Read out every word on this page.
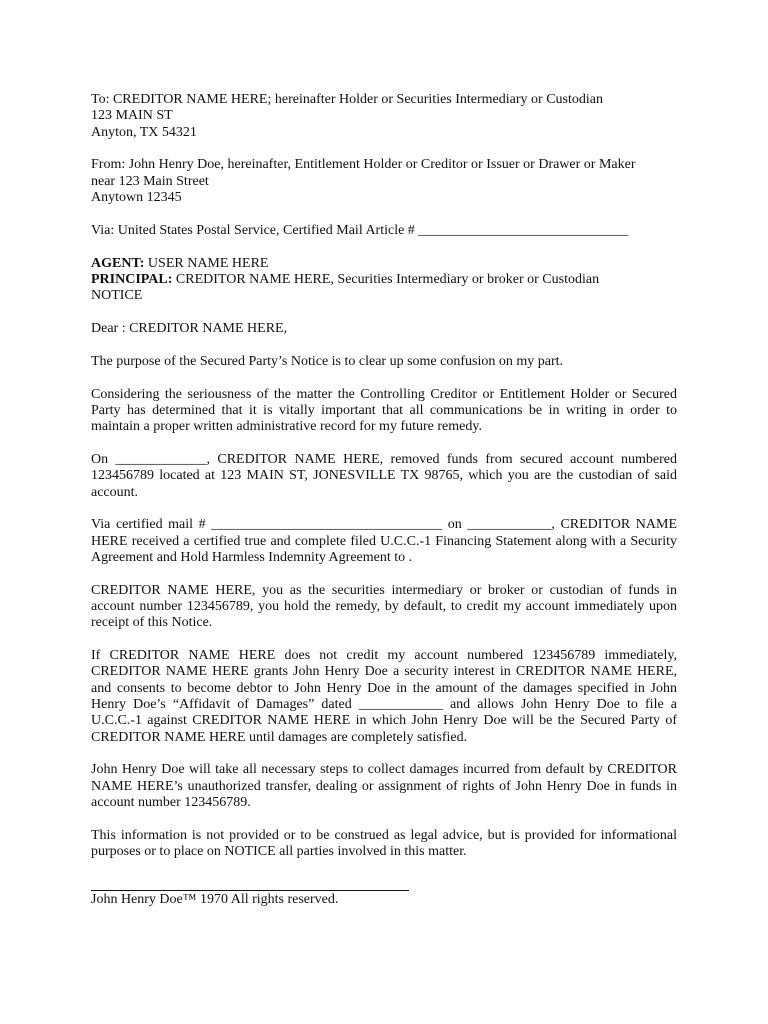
To: CREDITOR NAME HERE; hereinafter Holder or Securities Intermediary or Custodian
123 MAIN ST
Anyton, TX 54321
From: John Henry Doe, hereinafter, Entitlement Holder or Creditor or Issuer or Drawer or Maker
near 123 Main Street
Anytown 12345
Via: United States Postal Service, Certified Mail Article # ______________________________
AGENT: USER NAME HERE
PRINCIPAL: CREDITOR NAME HERE, Securities Intermediary or broker or Custodian
NOTICE
Dear : CREDITOR NAME HERE,
The purpose of the Secured Party’s Notice is to clear up some confusion on my part.
Considering the seriousness of the matter the Controlling Creditor or Entitlement Holder or Secured Party has determined that it is vitally important that all communications be in writing in order to maintain a proper written administrative record for my future remedy.
On _____________, CREDITOR NAME HERE, removed funds from secured account numbered 123456789 located at 123 MAIN ST, JONESVILLE TX 98765, which you are the custodian of said account.
Via certified mail # _________________________________ on ____________, CREDITOR NAME HERE received a certified true and complete filed U.C.C.-1 Financing Statement along with a Security Agreement and Hold Harmless Indemnity Agreement to .
CREDITOR NAME HERE, you as the securities intermediary or broker or custodian of funds in account number 123456789, you hold the remedy, by default, to credit my account immediately upon receipt of this Notice.
If CREDITOR NAME HERE does not credit my account numbered 123456789 immediately, CREDITOR NAME HERE grants John Henry Doe a security interest in CREDITOR NAME HERE, and consents to become debtor to John Henry Doe in the amount of the damages specified in John Henry Doe’s “Affidavit of Damages” dated ____________ and allows John Henry Doe to file a U.C.C.-1 against CREDITOR NAME HERE in which John Henry Doe will be the Secured Party of CREDITOR NAME HERE until damages are completely satisfied.
John Henry Doe will take all necessary steps to collect damages incurred from default by CREDITOR NAME HERE’s unauthorized transfer, dealing or assignment of rights of John Henry Doe in funds in account number 123456789.
This information is not provided or to be construed as legal advice, but is provided for informational purposes or to place on NOTICE all parties involved in this matter.
John Henry Doe™ 1970 All rights reserved.
